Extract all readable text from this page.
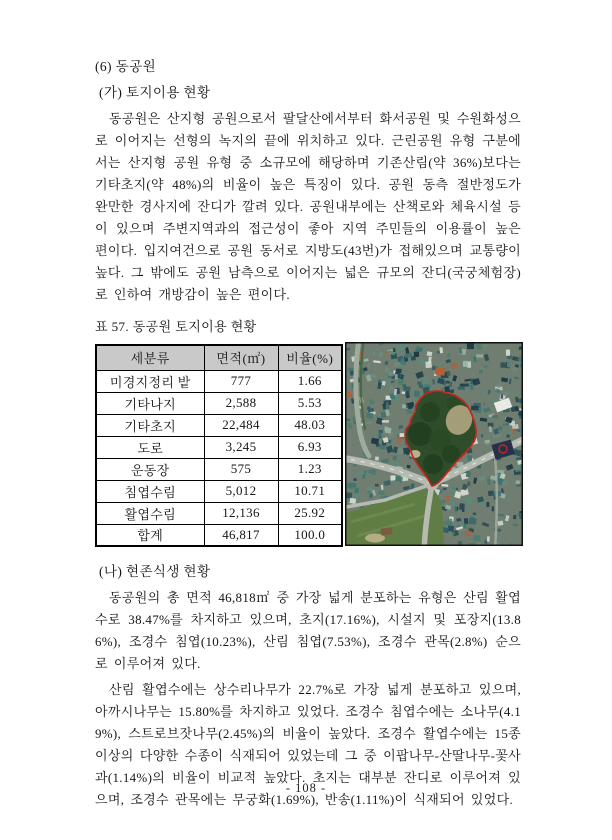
(6) 동공원
(가) 토지이용 현황

동공원은 산지형 공원으로서 팔달산에서부터 화서공원 및 수원화성으로 이어지는 선형의 녹지의 끝에 위치하고 있다. 근린공원 유형 구분에서는 산지형 공원 유형 중 소규모에 해당하며 기존산림(약 36%)보다는 기타초지(약 48%)의 비율이 높은 특징이 있다. 공원 동측 절반정도가 완만한 경사지에 잔디가 깔려 있다. 공원내부에는 산책로와 체육시설 등이 있으며 주변지역과의 접근성이 좋아 지역 주민들의 이용률이 높은 편이다. 입지여건으로 공원 동서로 지방도(43번)가 접해있으며 교통량이 높다. 그 밖에도 공원 남측으로 이어지는 넓은 규모의 잔디(국궁체험장)로 인하여 개방감이 높은 편이다.

표 57. 동공원 토지이용 현황
세분류	면적(㎡)	비율(%)
미경지정리 밭	777	1.66
기타나지	2,588	5.53
기타초지	22,484	48.03
도로	3,245	6.93
운동장	575	1.23
침엽수림	5,012	10.71
활엽수림	12,136	25.92
합계	46,817	100.0
(나) 현존식생 현황

동공원의 총 면적 46,818㎡ 중 가장 넓게 분포하는 유형은 산림 활엽수로 38.47%를 차지하고 있으며, 초지(17.16%), 시설지 및 포장지(13.86%), 조경수 침엽(10.23%), 산림 침엽(7.53%), 조경수 관목(2.8%) 순으로 이루어져 있다.

산림 활엽수에는 상수리나무가 22.7%로 가장 넓게 분포하고 있으며, 아까시나무는 15.80%를 차지하고 있었다. 조경수 침엽수에는 소나무(4.19%), 스트로브잣나무(2.45%)의 비율이 높았다. 조경수 활엽수에는 15종 이상의 다양한 수종이 식재되어 있었는데 그 중 이팝나무-산딸나무-꽃사과(1.14%)의 비율이 비교적 높았다. 초지는 대부분 잔디로 이루어져 있으며, 조경수 관목에는 무궁화(1.69%), 반송(1.11%)이 식재되어 있었다.

- 108 -
